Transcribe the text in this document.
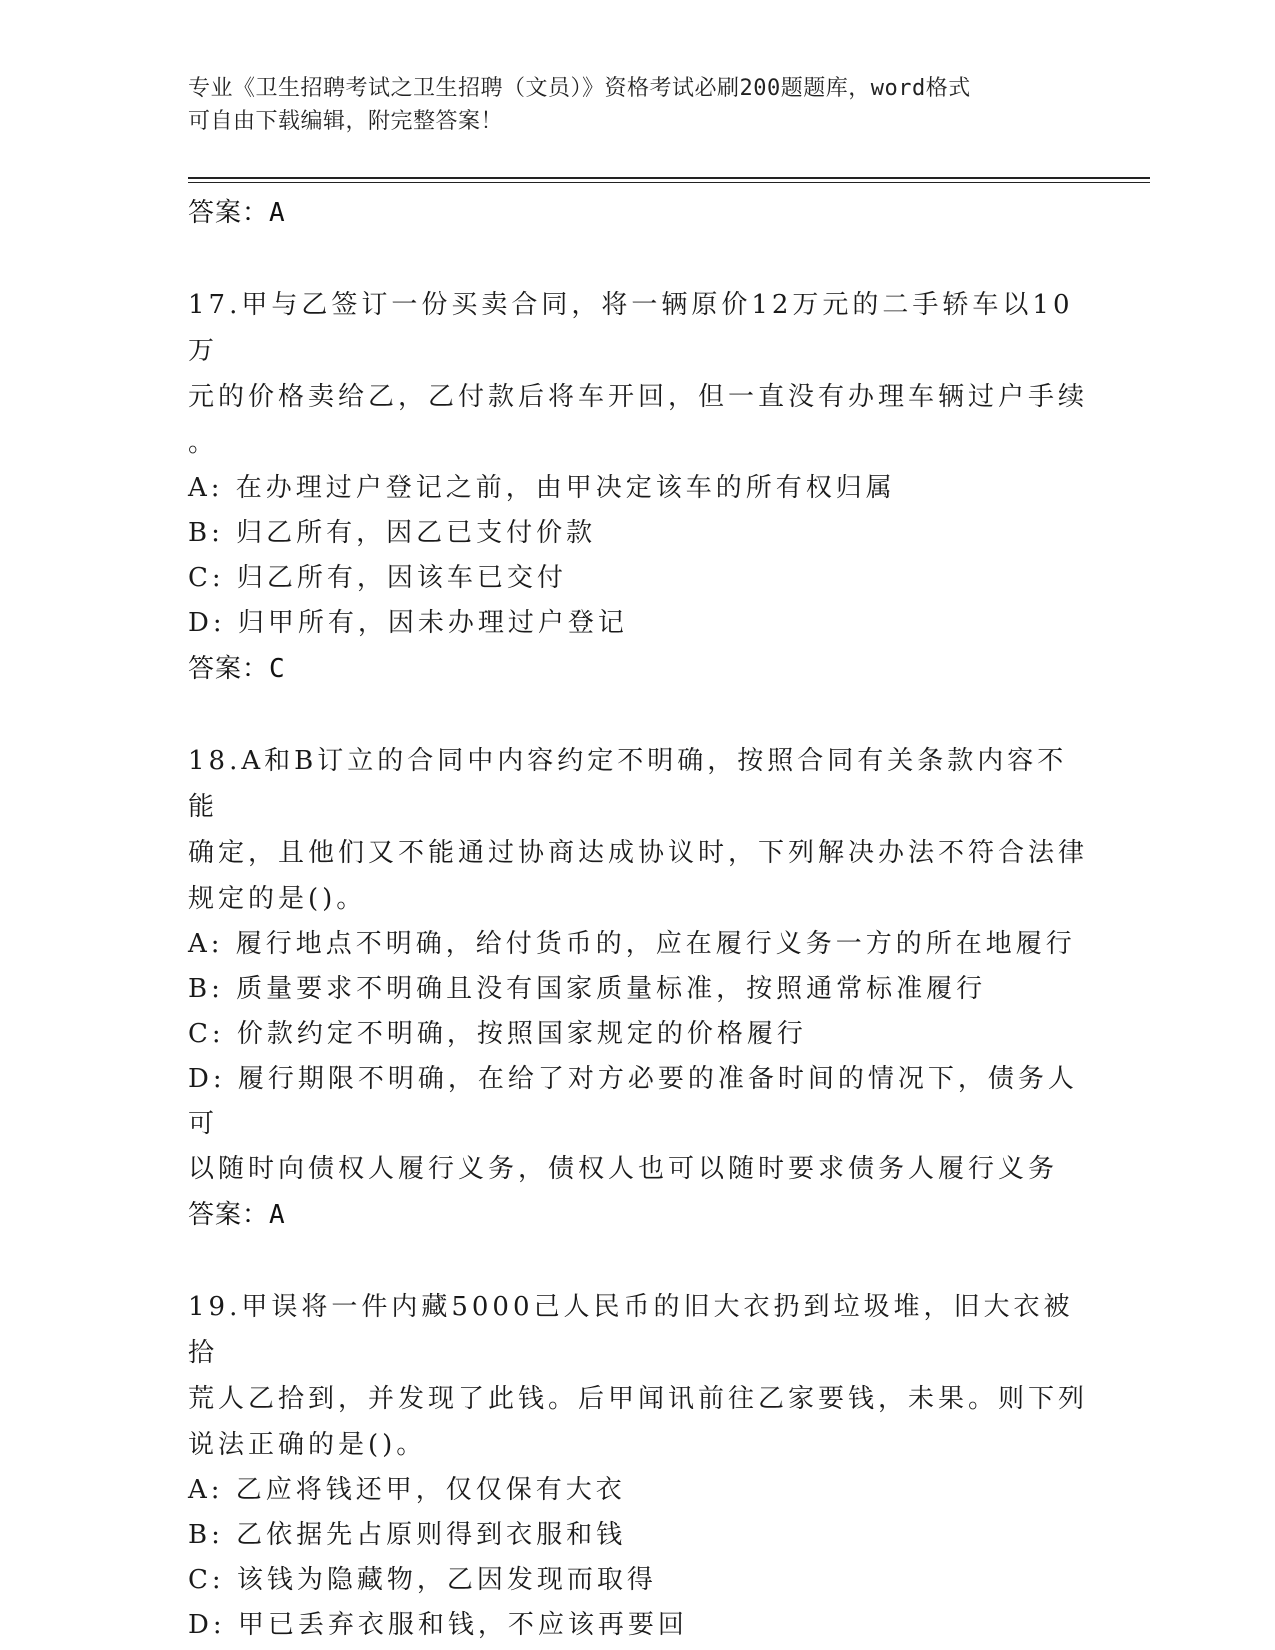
专业《卫生招聘考试之卫生招聘（文员）》资格考试必刷200题题库，word格式
可自由下载编辑，附完整答案！
答案：A
17.甲与乙签订一份买卖合同，将一辆原价12万元的二手轿车以10万
元的价格卖给乙，乙付款后将车开回，但一直没有办理车辆过户手续
。
A: 在办理过户登记之前，由甲决定该车的所有权归属
B: 归乙所有，因乙已支付价款
C: 归乙所有，因该车已交付
D: 归甲所有，因未办理过户登记
答案：C
18.A和B订立的合同中内容约定不明确，按照合同有关条款内容不能
确定，且他们又不能通过协商达成协议时，下列解决办法不符合法律
规定的是()。
A: 履行地点不明确，给付货币的，应在履行义务一方的所在地履行
B: 质量要求不明确且没有国家质量标准，按照通常标准履行
C: 价款约定不明确，按照国家规定的价格履行
D: 履行期限不明确，在给了对方必要的准备时间的情况下，债务人可
以随时向债权人履行义务，债权人也可以随时要求债务人履行义务
答案：A
19.甲误将一件内藏5000己人民币的旧大衣扔到垃圾堆，旧大衣被拾
荒人乙拾到，并发现了此钱。后甲闻讯前往乙家要钱，未果。则下列
说法正确的是()。
A: 乙应将钱还甲，仅仅保有大衣
B: 乙依据先占原则得到衣服和钱
C: 该钱为隐藏物，乙因发现而取得
D: 甲已丢弃衣服和钱，不应该再要回
